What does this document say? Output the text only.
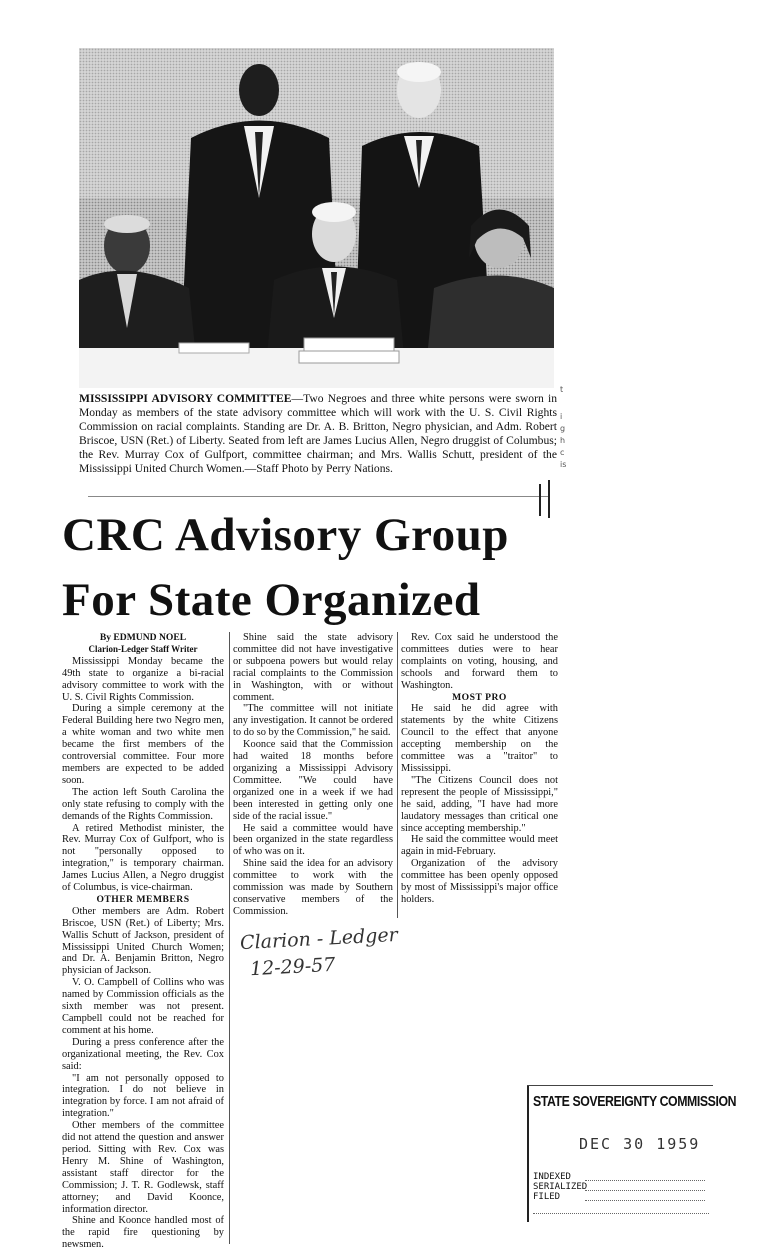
MISSISSIPPI ADVISORY COMMITTEE—Two Negroes and three white persons were sworn in Monday as members of the state advisory committee which will work with the U. S. Civil Rights Commission on racial complaints. Standing are Dr. A. B. Britton, Negro physician, and Adm. Robert Briscoe, USN (Ret.) of Liberty. Seated from left are James Lucius Allen, Negro druggist of Columbus; the Rev. Murray Cox of Gulfport, committee chairman; and Mrs. Wallis Schutt, president of the Mississippi United Church Women.—Staff Photo by Perry Nations.
CRC Advisory Group
For State Organized

By EDMUND NOEL

Clarion-Ledger Staff Writer

Mississippi Monday became the 49th state to organize a bi-racial advisory committee to work with the U. S. Civil Rights Commission.

During a simple ceremony at the Federal Building here two Negro men, a white woman and two white men became the first members of the controversial committee. Four more members are expected to be added soon.

The action left South Carolina the only state refusing to comply with the demands of the Rights Commission.

A retired Methodist minister, the Rev. Murray Cox of Gulfport, who is not "personally opposed to integration," is temporary chairman. James Lucius Allen, a Negro druggist of Columbus, is vice-chairman.

OTHER MEMBERS

Other members are Adm. Robert Briscoe, USN (Ret.) of Liberty; Mrs. Wallis Schutt of Jackson, president of Mississippi United Church Women; and Dr. A. Benjamin Britton, Negro physician of Jackson.

V. O. Campbell of Collins who was named by Commission officials as the sixth member was not present. Campbell could not be reached for comment at his home.

During a press conference after the organizational meeting, the Rev. Cox said:

"I am not personally opposed to integration. I do not believe in integration by force. I am not afraid of integration."

Other members of the committee did not attend the question and answer period. Sitting with Rev. Cox was Henry M. Shine of Washington, assistant staff director for the Commission; J. T. R. Godlewsk, staff attorney; and David Koonce, information director.

Shine and Koonce handled most of the rapid fire questioning by newsmen.

Shine said the state advisory committee did not have investigative or subpoena powers but would relay racial complaints to the Commission in Washington, with or without comment.

"The committee will not initiate any investigation. It cannot be ordered to do so by the Commission," he said.

Koonce said that the Commission had waited 18 months before organizing a Mississippi Advisory Committee. "We could have organized one in a week if we had been interested in getting only one side of the racial issue."

He said a committee would have been organized in the state regardless of who was on it.

Shine said the idea for an advisory committee to work with the commission was made by Southern conservative members of the Commission.

Rev. Cox said he understood the committees duties were to hear complaints on voting, housing, and schools and forward them to Washington.

MOST PRO

He said he did agree with statements by the white Citizens Council to the effect that anyone accepting membership on the committee was a "traitor" to Mississippi.

"The Citizens Council does not represent the people of Mississippi," he said, adding, "I have had more laudatory messages than critical one since accepting membership."

He said the committee would meet again in mid-February.

Organization of the advisory committee has been openly opposed by most of Mississippi's major office holders.

Clarion - Ledger
12-29-57
t
i
g
h
c
is
STATE SOVEREIGNTY COMMISSION
DEC 30 1959
INDEXED
SERIALIZED
FILED
